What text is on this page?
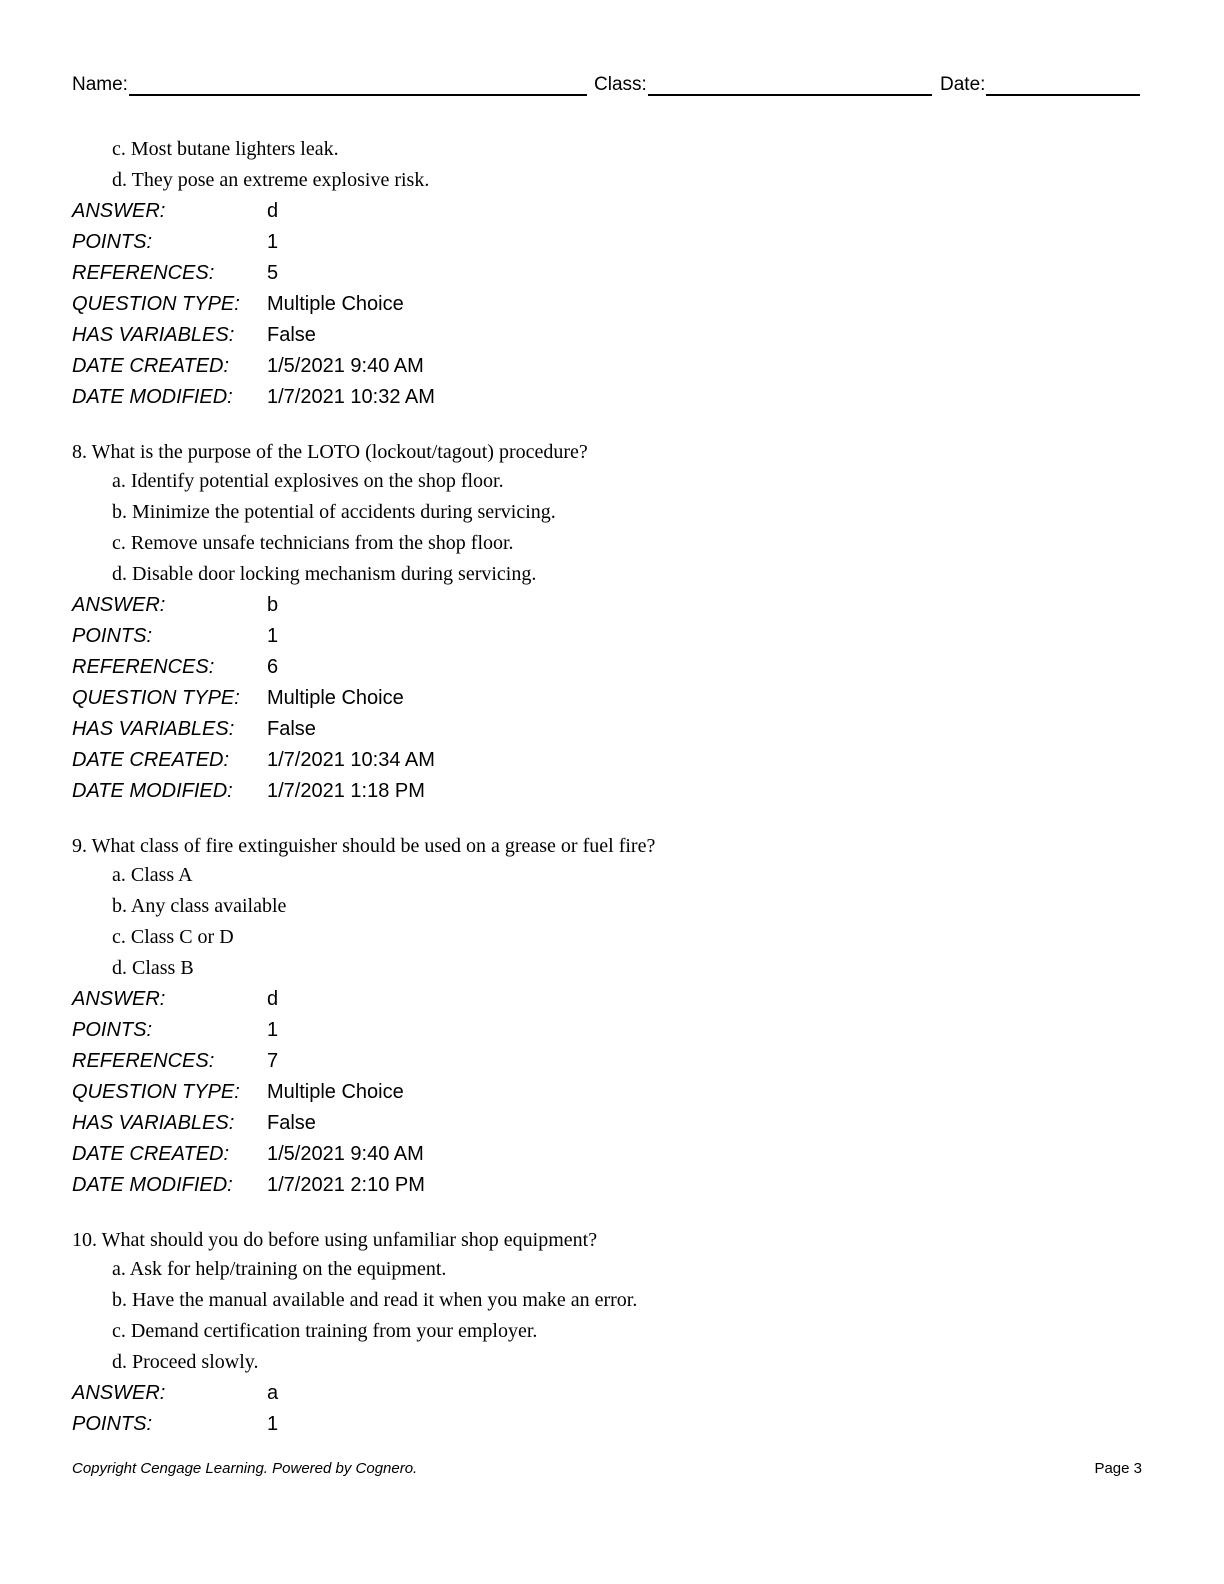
Name:	Class:	Date:
c. Most butane lighters leak.
d. They pose an extreme explosive risk.
ANSWER:	d
POINTS:	1
REFERENCES:	5
QUESTION TYPE:	Multiple Choice
HAS VARIABLES:	False
DATE CREATED:	1/5/2021 9:40 AM
DATE MODIFIED:	1/7/2021 10:32 AM
8. What is the purpose of the LOTO (lockout/tagout) procedure?
a. Identify potential explosives on the shop floor.
b. Minimize the potential of accidents during servicing.
c. Remove unsafe technicians from the shop floor.
d. Disable door locking mechanism during servicing.
ANSWER:	b
POINTS:	1
REFERENCES:	6
QUESTION TYPE:	Multiple Choice
HAS VARIABLES:	False
DATE CREATED:	1/7/2021 10:34 AM
DATE MODIFIED:	1/7/2021 1:18 PM
9. What class of fire extinguisher should be used on a grease or fuel fire?
a. Class A
b. Any class available
c. Class C or D
d. Class B
ANSWER:	d
POINTS:	1
REFERENCES:	7
QUESTION TYPE:	Multiple Choice
HAS VARIABLES:	False
DATE CREATED:	1/5/2021 9:40 AM
DATE MODIFIED:	1/7/2021 2:10 PM
10. What should you do before using unfamiliar shop equipment?
a. Ask for help/training on the equipment.
b. Have the manual available and read it when you make an error.
c. Demand certification training from your employer.
d. Proceed slowly.
ANSWER:	a
POINTS:	1
Copyright Cengage Learning. Powered by Cognero.	Page 3
